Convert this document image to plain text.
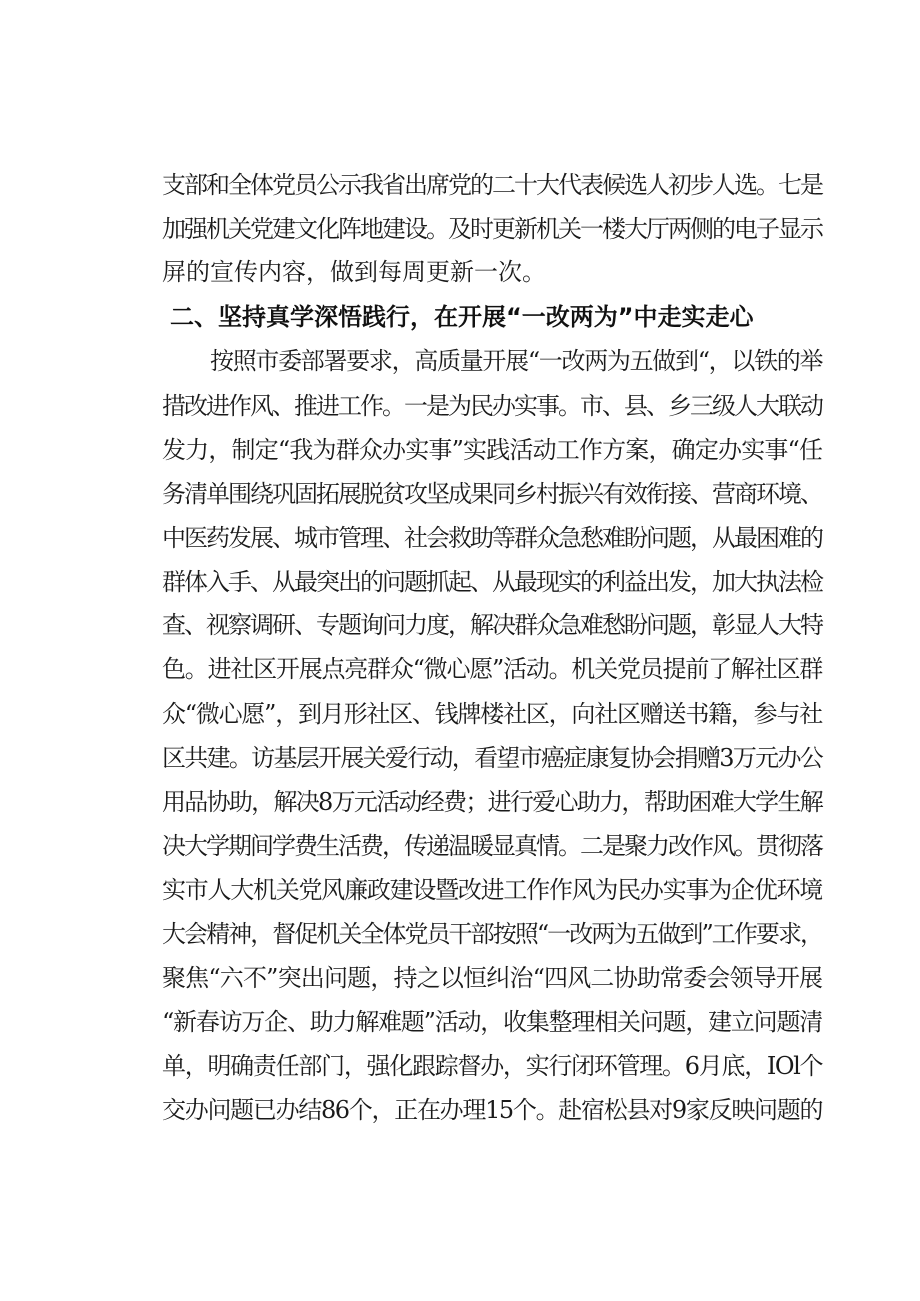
支部和全体党员公示我省出席党的二十大代表候选人初步人选。七是
加强机关党建文化阵地建设。及时更新机关一楼大厅两侧的电子显示
屏的宣传内容，做到每周更新一次。
二、坚持真学深悟践行，在开展“一改两为”中走实走心
按照市委部署要求，高质量开展“一改两为五做到“，以铁的举
措改进作风、推进工作。一是为民办实事。市、县、乡三级人大联动
发力，制定“我为群众办实事”实践活动工作方案，确定办实事“任
务清单围绕巩固拓展脱贫攻坚成果同乡村振兴有效衔接、营商环境、
中医药发展、城市管理、社会救助等群众急愁难盼问题，从最困难的
群体入手、从最突出的问题抓起、从最现实的利益出发，加大执法检
查、视察调研、专题询问力度，解决群众急难愁盼问题，彰显人大特
色。进社区开展点亮群众“微心愿”活动。机关党员提前了解社区群
众“微心愿”，到月形社区、钱牌楼社区，向社区赠送书籍，参与社
区共建。访基层开展关爱行动，看望市癌症康复协会捐赠3万元办公
用品协助，解决8万元活动经费；进行爱心助力，帮助困难大学生解
决大学期间学费生活费，传递温暖显真情。二是聚力改作风。贯彻落
实市人大机关党风廉政建设暨改进工作作风为民办实事为企优环境
大会精神，督促机关全体党员干部按照“一改两为五做到”工作要求，
聚焦“六不”突出问题，持之以恒纠治“四风二协助常委会领导开展
“新春访万企、助力解难题”活动，收集整理相关问题，建立问题清
单，明确责任部门，强化跟踪督办，实行闭环管理。6月底，IOl个
交办问题已办结86个，正在办理15个。赴宿松县对9家反映问题的
